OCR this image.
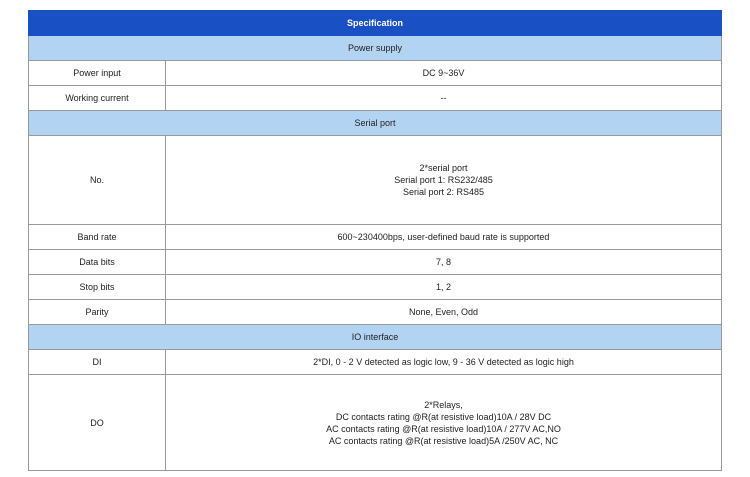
Specification	
Power supply	
Power input	DC 9~36V
Working current	--
Serial port	
No.	2*serial port
Serial port 1: RS232/485
Serial port 2: RS485

Band rate	600~230400bps, user-defined baud rate is supported
Data bits	7, 8
Stop bits	1, 2
Parity	None, Even, Odd
IO interface	
DI	2*DI, 0 - 2 V detected as logic low, 9 - 36 V detected as logic high
DO	2*Relays,
DC contacts rating @R(at resistive load)10A / 28V DC
AC contacts rating @R(at resistive load)10A / 277V AC,NO
AC contacts rating @R(at resistive load)5A /250V AC, NC
